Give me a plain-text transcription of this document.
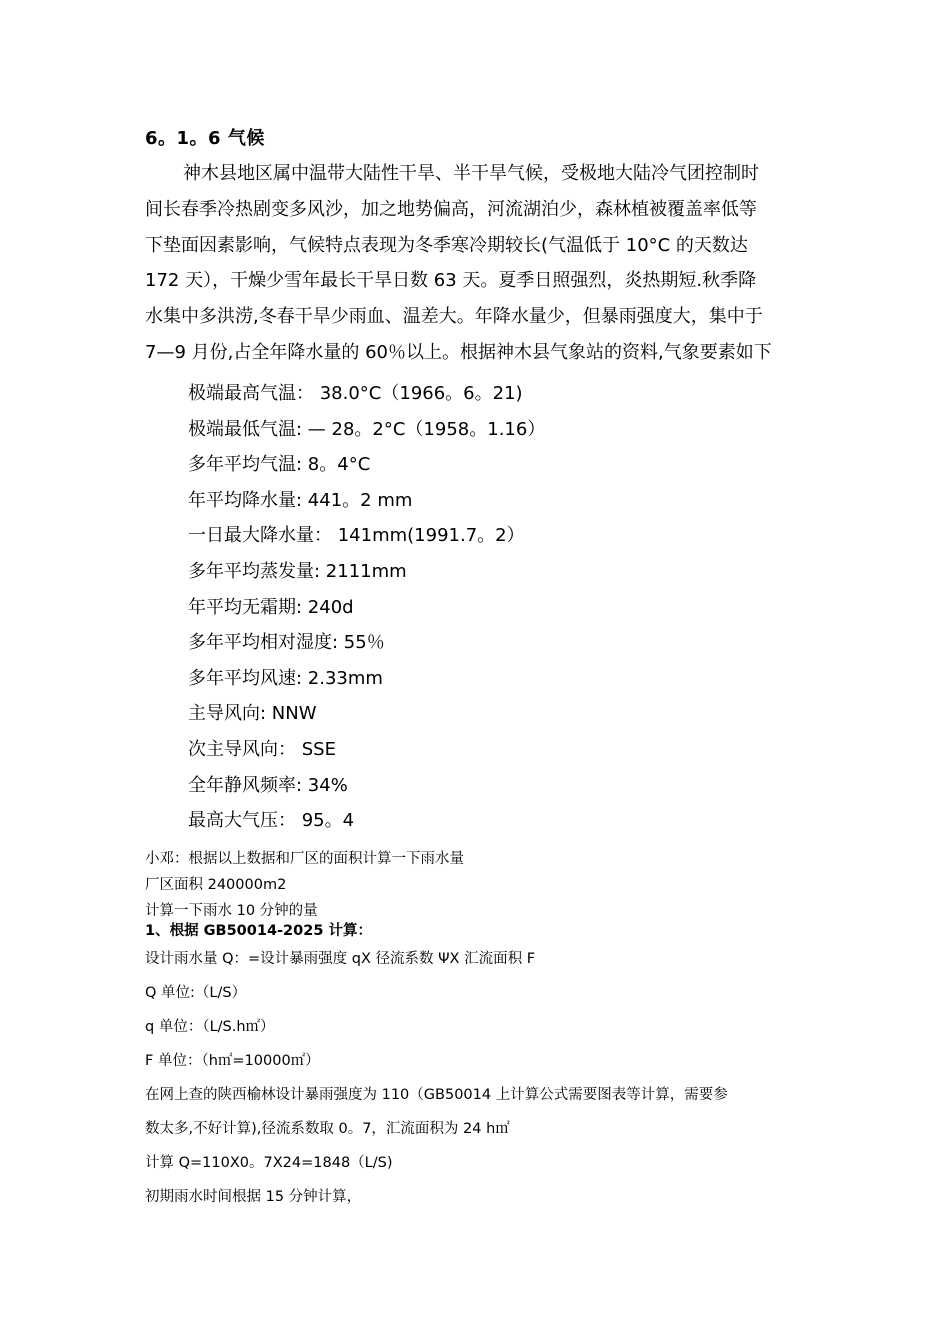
6。1。6 气候
神木县地区属中温带大陆性干旱、半干旱气候，受极地大陆冷气团控制时
间长春季冷热剧变多风沙，加之地势偏高，河流湖泊少，森林植被覆盖率低等
下垫面因素影响，气候特点表现为冬季寒冷期较长(气温低于 10°C 的天数达
172 天），干燥少雪年最长干旱日数 63 天。夏季日照强烈，炎热期短.秋季降
水集中多洪涝,冬春干旱少雨血、温差大。年降水量少，但暴雨强度大，集中于
7—9 月份,占全年降水量的 60％以上。根据神木县气象站的资料,气象要素如下
极端最高气温： 38.0°C（1966。6。21)
极端最低气温: — 28。2°C（1958。1.16）
多年平均气温: 8。4°C
年平均降水量: 441。2 mm
一日最大降水量： 141mm(1991.7。2）
多年平均蒸发量: 2111mm
年平均无霜期: 240d
多年平均相对湿度: 55％
多年平均风速: 2.33mm
主导风向: NNW
次主导风向： SSE
全年静风频率: 34%
最高大气压： 95。4
小邓：根据以上数据和厂区的面积计算一下雨水量
厂区面积 240000m2
计算一下雨水 10 分钟的量
1、根据 GB50014-2025 计算：
设计雨水量 Q：=设计暴雨强度 qX 径流系数 ΨX 汇流面积 F
Q 单位:（L/S）
q 单位：（L/S.h㎡）
F 单位：（h㎡=10000㎡）
在网上查的陕西榆林设计暴雨强度为 110（GB50014 上计算公式需要图表等计算，需要参
数太多,不好计算),径流系数取 0。7，汇流面积为 24 h㎡
计算 Q=110X0。7X24=1848（L/S)
初期雨水时间根据 15 分钟计算，
